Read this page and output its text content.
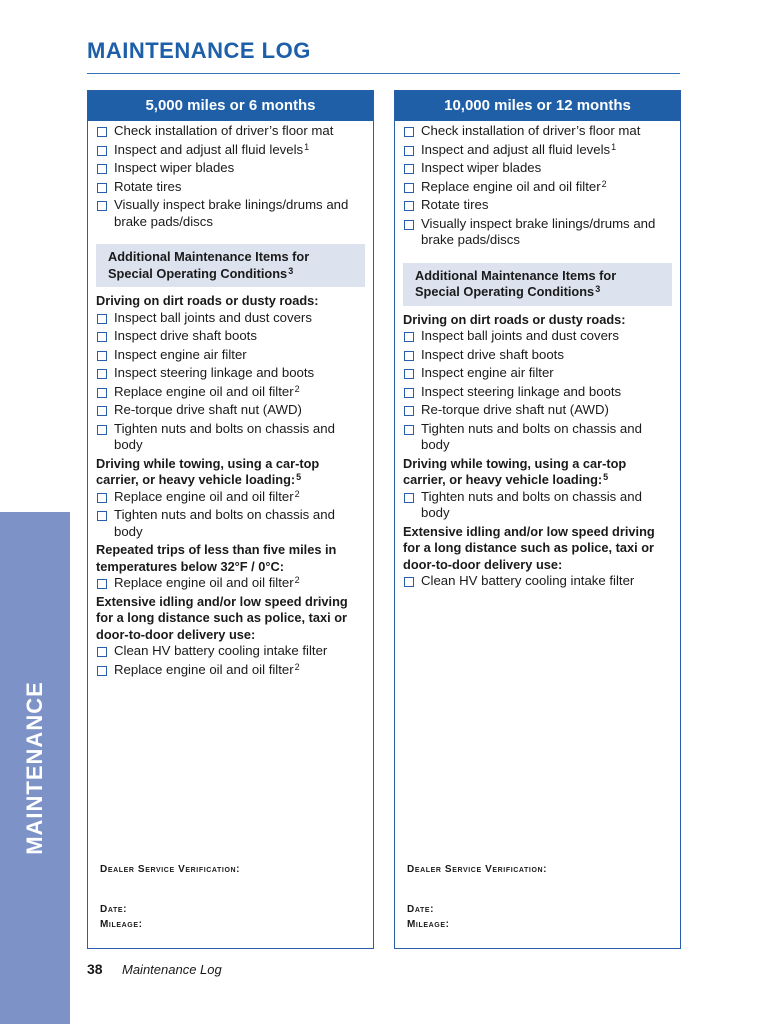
MAINTENANCE LOG
MAINTENANCE
5,000 miles or 6 months
Check installation of driver’s floor mat
Inspect and adjust all fluid levels$^1$
Inspect wiper blades
Rotate tires
Visually inspect brake linings/drums and brake pads/discs
Additional Maintenance Items for Special Operating Conditions$^3$
Driving on dirt roads or dusty roads:
Inspect ball joints and dust covers
Inspect drive shaft boots
Inspect engine air filter
Inspect steering linkage and boots
Replace engine oil and oil filter$^2$
Re-torque drive shaft nut (AWD)
Tighten nuts and bolts on chassis and body
Driving while towing, using a car-top carrier, or heavy vehicle loading:$^5$
Replace engine oil and oil filter$^2$
Tighten nuts and bolts on chassis and body
Repeated trips of less than five miles in temperatures below 32°F / 0°C:
Replace engine oil and oil filter$^2$
Extensive idling and/or low speed driving for a long distance such as police, taxi or door-to-door delivery use:
Clean HV battery cooling intake filter
Replace engine oil and oil filter$^2$
Dealer Service Verification:
Date:
Mileage:
10,000 miles or 12 months
Check installation of driver’s floor mat
Inspect and adjust all fluid levels$^1$
Inspect wiper blades
Replace engine oil and oil filter$^2$
Rotate tires
Visually inspect brake linings/drums and brake pads/discs
Additional Maintenance Items for Special Operating Conditions$^3$
Driving on dirt roads or dusty roads:
Inspect ball joints and dust covers
Inspect drive shaft boots
Inspect engine air filter
Inspect steering linkage and boots
Re-torque drive shaft nut (AWD)
Tighten nuts and bolts on chassis and body
Driving while towing, using a car-top carrier, or heavy vehicle loading:$^5$
Tighten nuts and bolts on chassis and body
Extensive idling and/or low speed driving for a long distance such as police, taxi or door-to-door delivery use:
Clean HV battery cooling intake filter
Dealer Service Verification:
Date:
Mileage:
38 Maintenance Log
